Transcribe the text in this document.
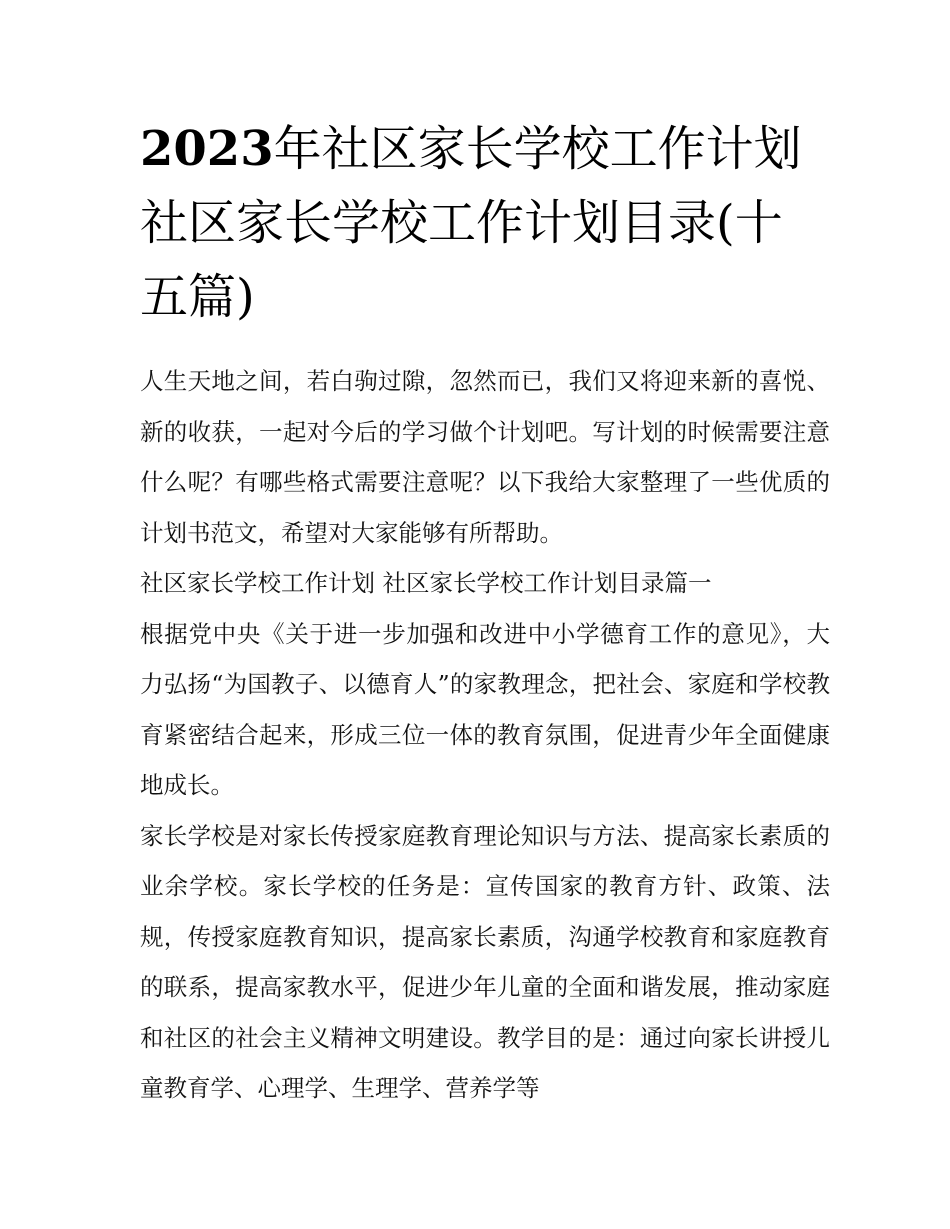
2023年社区家长学校工作计划 社区家长学校工作计划目录(十五篇)

人生天地之间，若白驹过隙，忽然而已，我们又将迎来新的喜悦、新的收获，一起对今后的学习做个计划吧。写计划的时候需要注意什么呢？有哪些格式需要注意呢？以下我给大家整理了一些优质的计划书范文，希望对大家能够有所帮助。

社区家长学校工作计划 社区家长学校工作计划目录篇一

根据党中央《关于进一步加强和改进中小学德育工作的意见》，大力弘扬“为国教子、以德育人”的家教理念，把社会、家庭和学校教育紧密结合起来，形成三位一体的教育氛围，促进青少年全面健康地成长。

家长学校是对家长传授家庭教育理论知识与方法、提高家长素质的业余学校。家长学校的任务是：宣传国家的教育方针、政策、法规，传授家庭教育知识，提高家长素质，沟通学校教育和家庭教育的联系，提高家教水平，促进少年儿童的全面和谐发展，推动家庭和社区的社会主义精神文明建设。教学目的是：通过向家长讲授儿童教育学、心理学、生理学、营养学等
